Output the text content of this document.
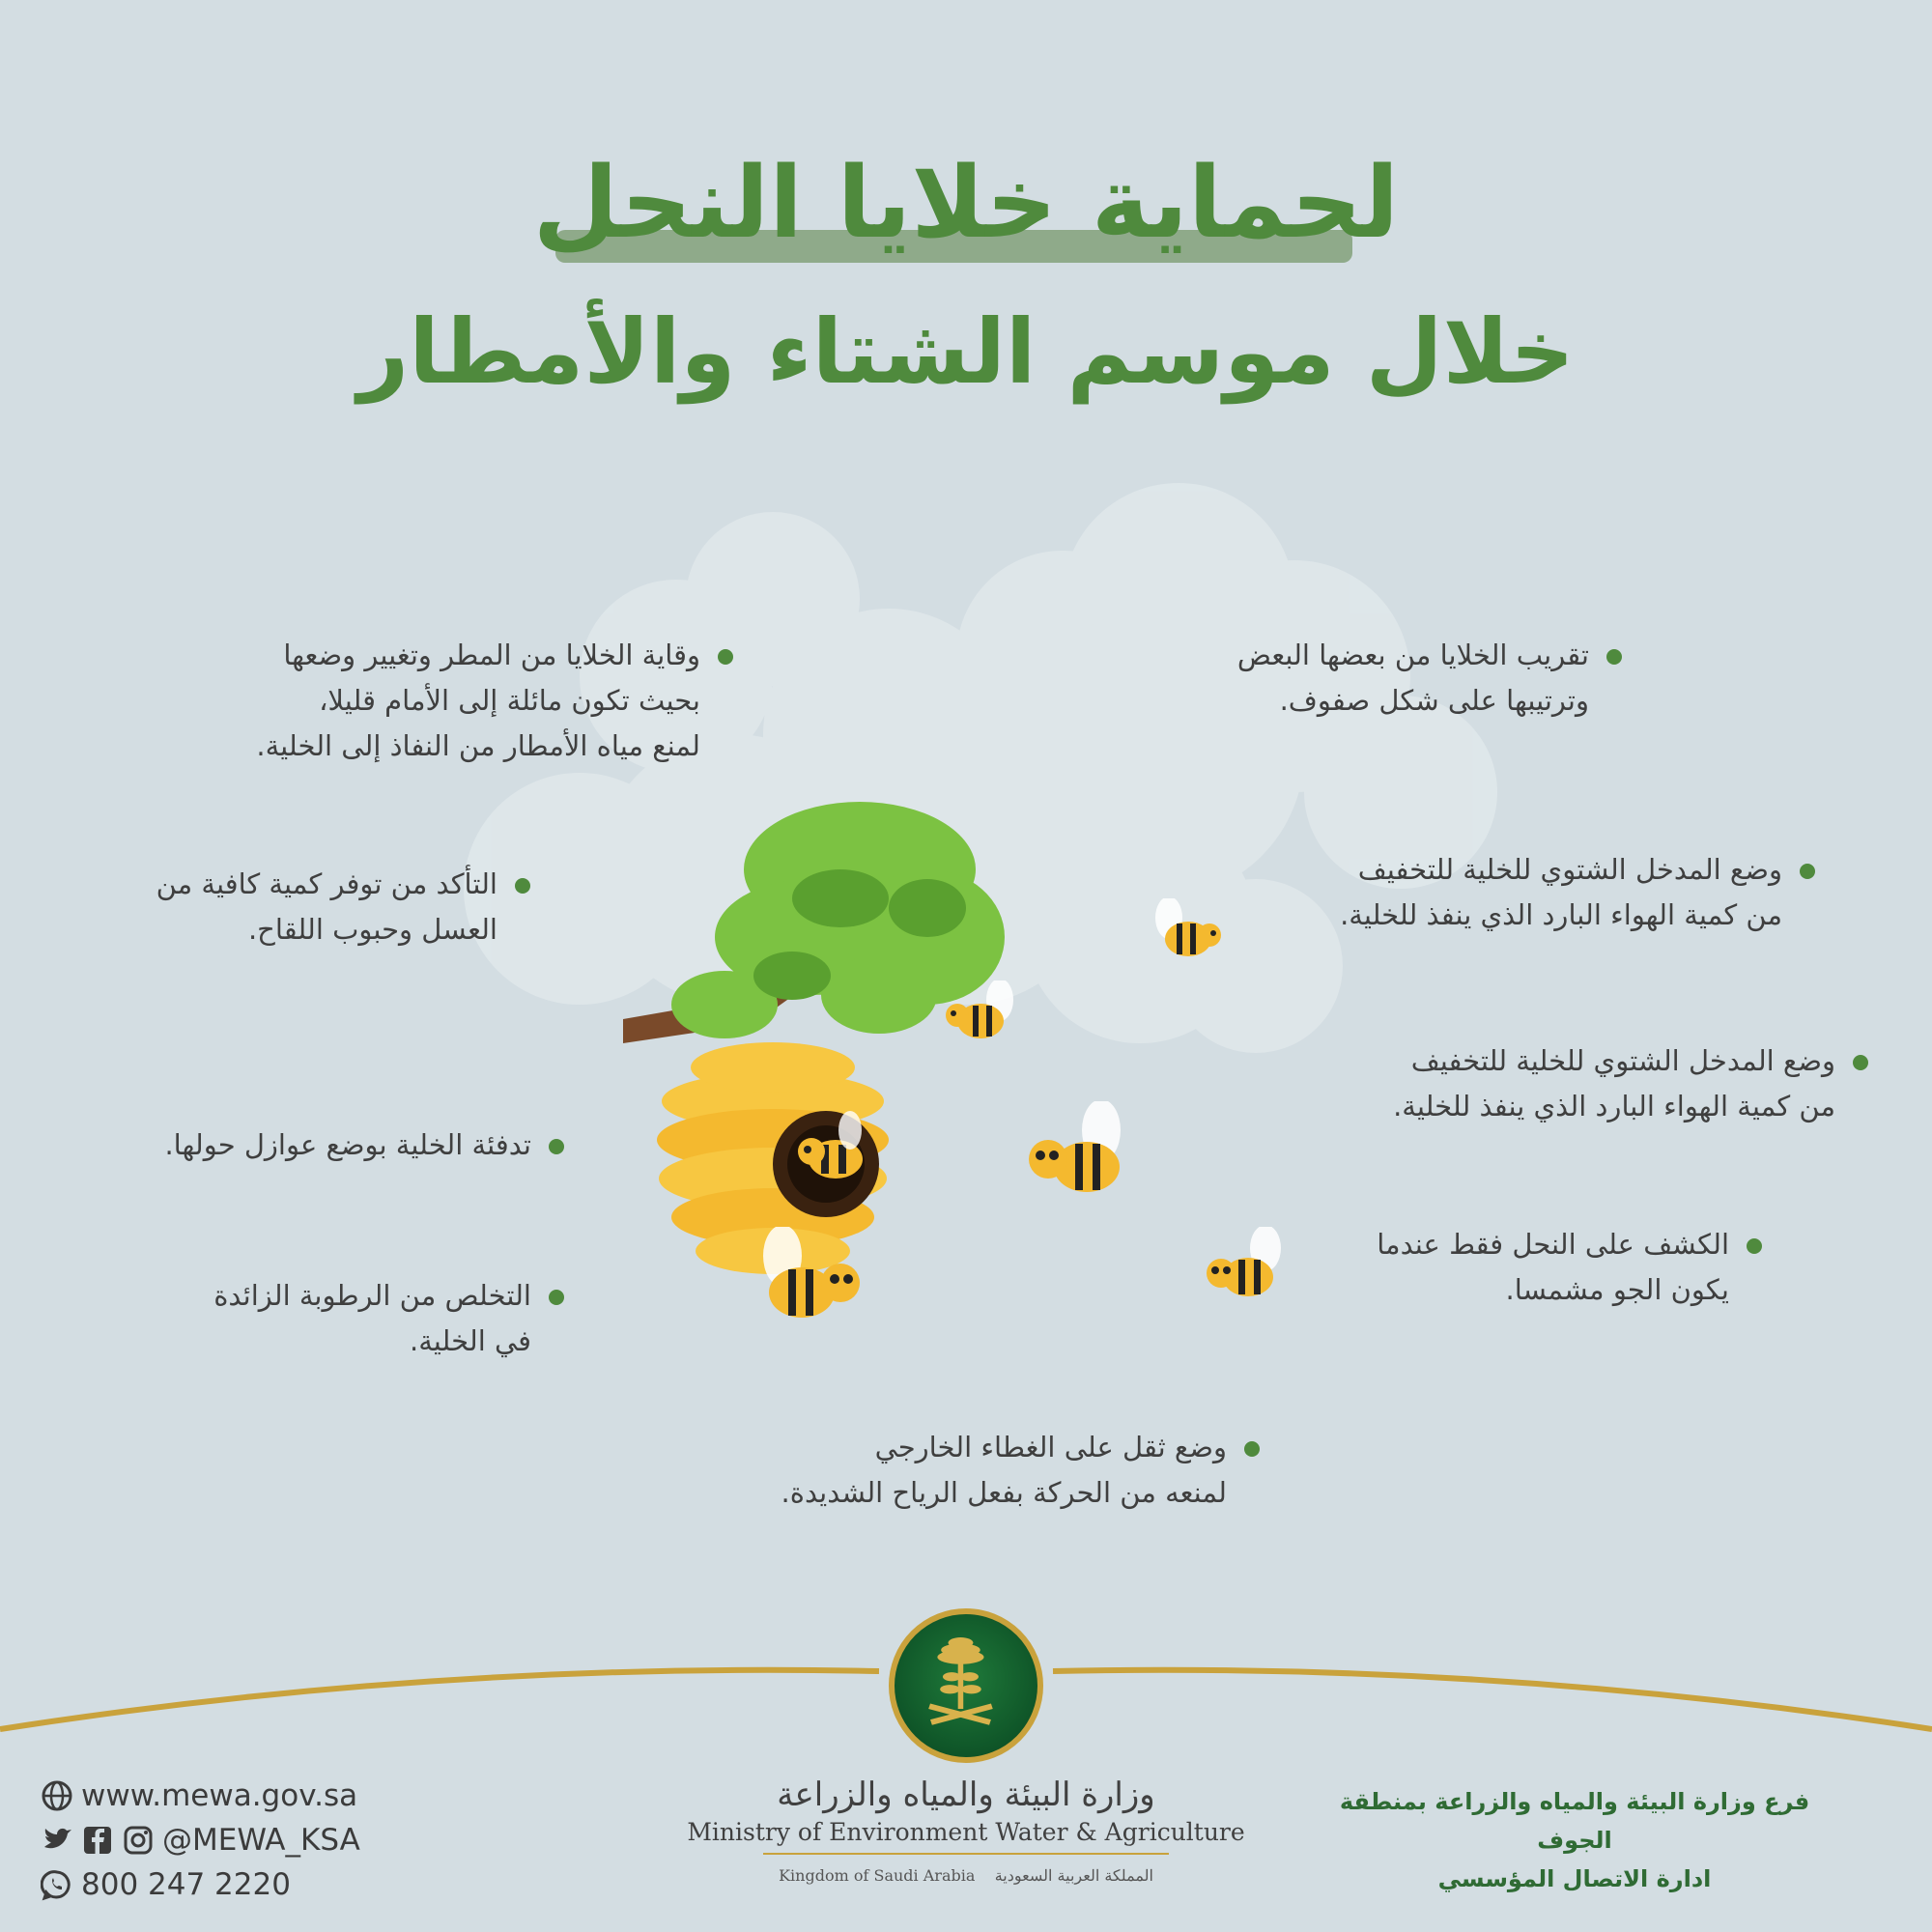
لحماية خلايا النحل
خلال موسم الشتاء والأمطار
وقاية الخلايا من المطر وتغيير وضعها
بحيث تكون مائلة إلى الأمام قليلا،
لمنع مياه الأمطار من النفاذ إلى الخلية.
تقريب الخلايا من بعضها البعض
وترتيبها على شكل صفوف.
التأكد من توفر كمية كافية من
العسل وحبوب اللقاح.
وضع المدخل الشتوي للخلية للتخفيف
من كمية الهواء البارد الذي ينفذ للخلية.
وضع المدخل الشتوي للخلية للتخفيف
من كمية الهواء البارد الذي ينفذ للخلية.
تدفئة الخلية بوضع عوازل حولها.
الكشف على النحل فقط عندما
يكون الجو مشمسا.
التخلص من الرطوبة الزائدة
في الخلية.
وضع ثقل على الغطاء الخارجي
لمنعه من الحركة بفعل الرياح الشديدة.
وزارة البيئة والمياه والزراعة
Ministry of Environment Water & Agriculture
Kingdom of Saudi Arabia المملكة العربية السعودية
فرع وزارة البيئة والمياه والزراعة بمنطقة الجوف
ادارة الاتصال المؤسسي
www.mewa.gov.sa
@MEWA_KSA
800 247 2220
